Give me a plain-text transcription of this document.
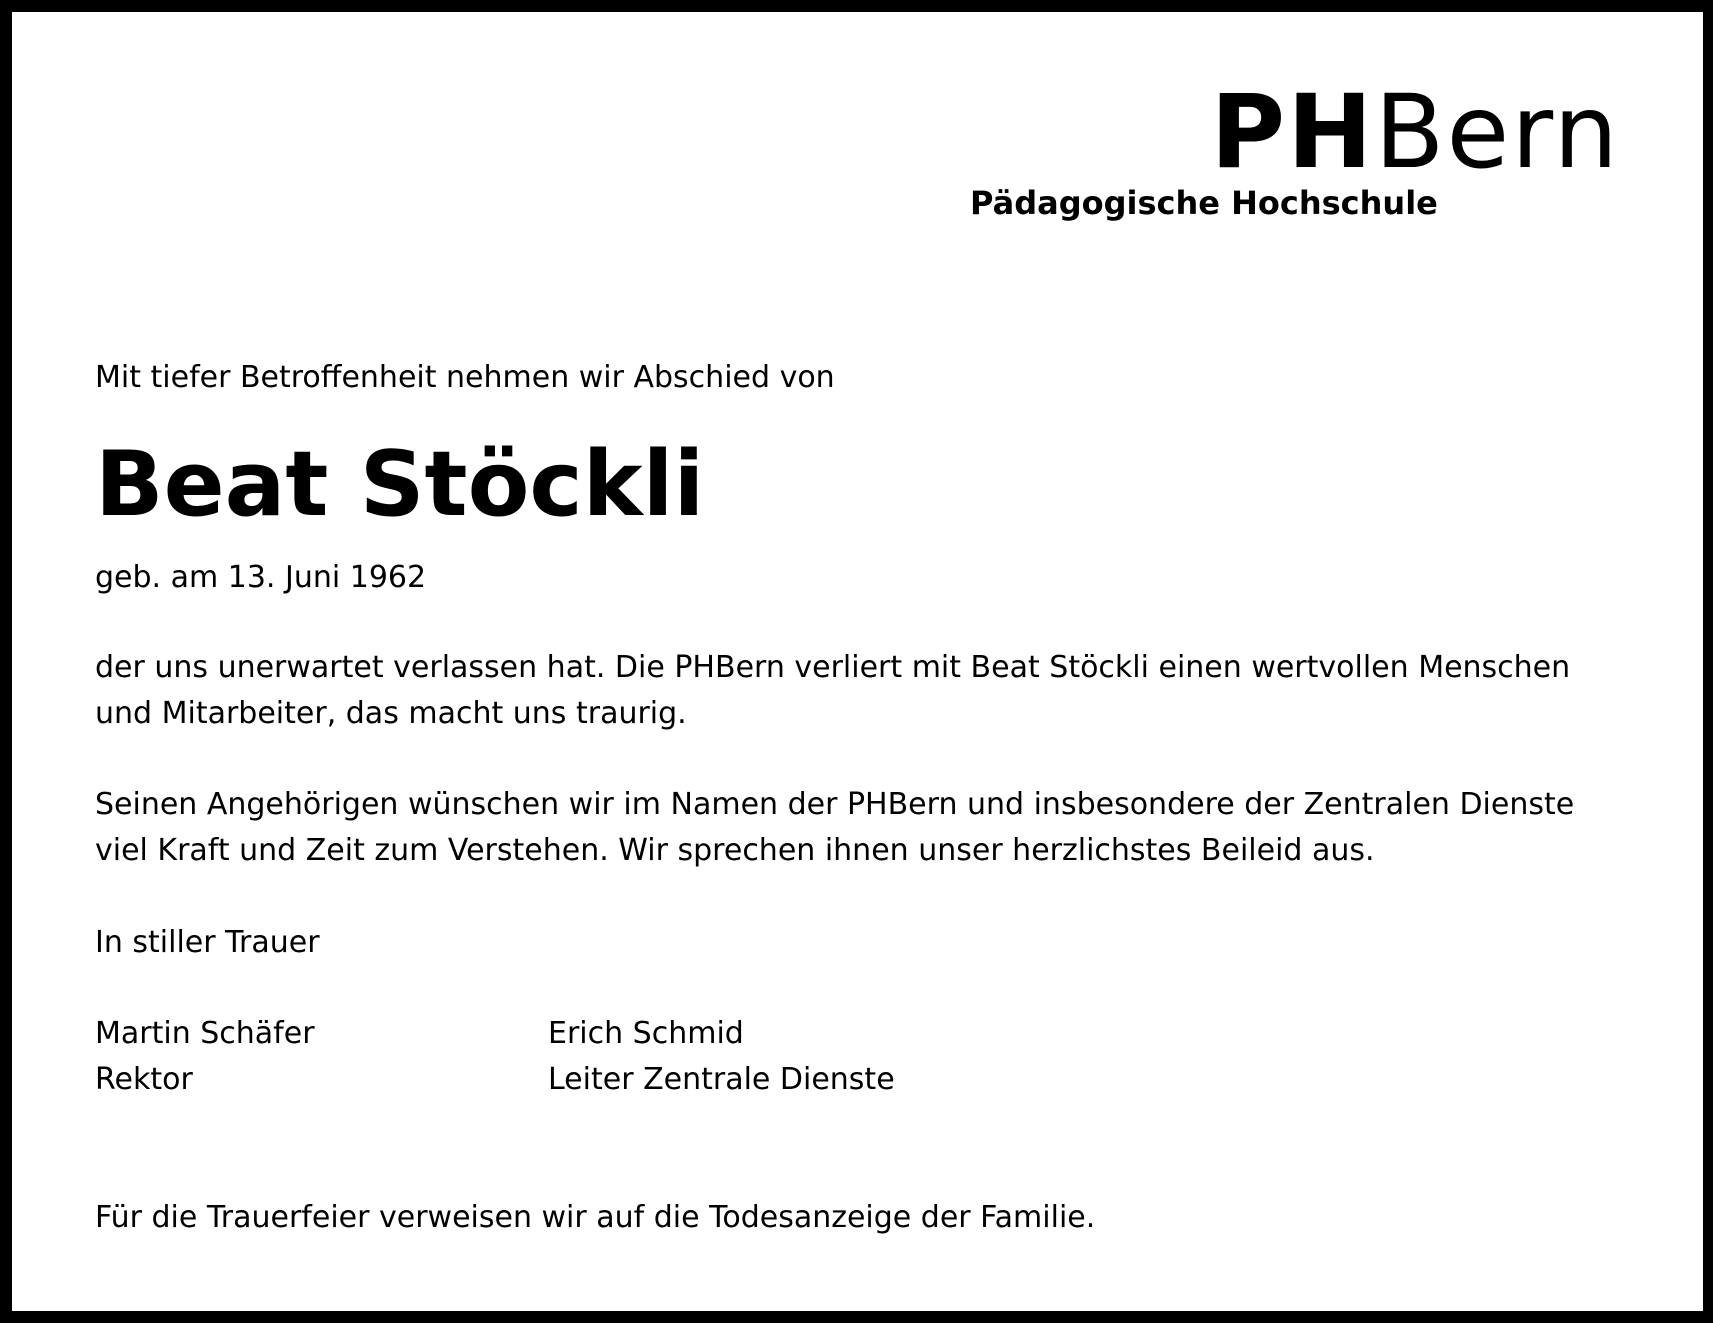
PHBern
Pädagogische Hochschule
Mit tiefer Betroffenheit nehmen wir Abschied von
Beat Stöckli
geb. am 13. Juni 1962
der uns unerwartet verlassen hat. Die PHBern verliert mit Beat Stöckli einen wertvollen Menschen
und Mitarbeiter, das macht uns traurig.
Seinen Angehörigen wünschen wir im Namen der PHBern und insbesondere der Zentralen Dienste
viel Kraft und Zeit zum Verstehen. Wir sprechen ihnen unser herzlichstes Beileid aus.
In stiller Trauer
Martin Schäfer
Rektor
Erich Schmid
Leiter Zentrale Dienste
Für die Trauerfeier verweisen wir auf die Todesanzeige der Familie.
